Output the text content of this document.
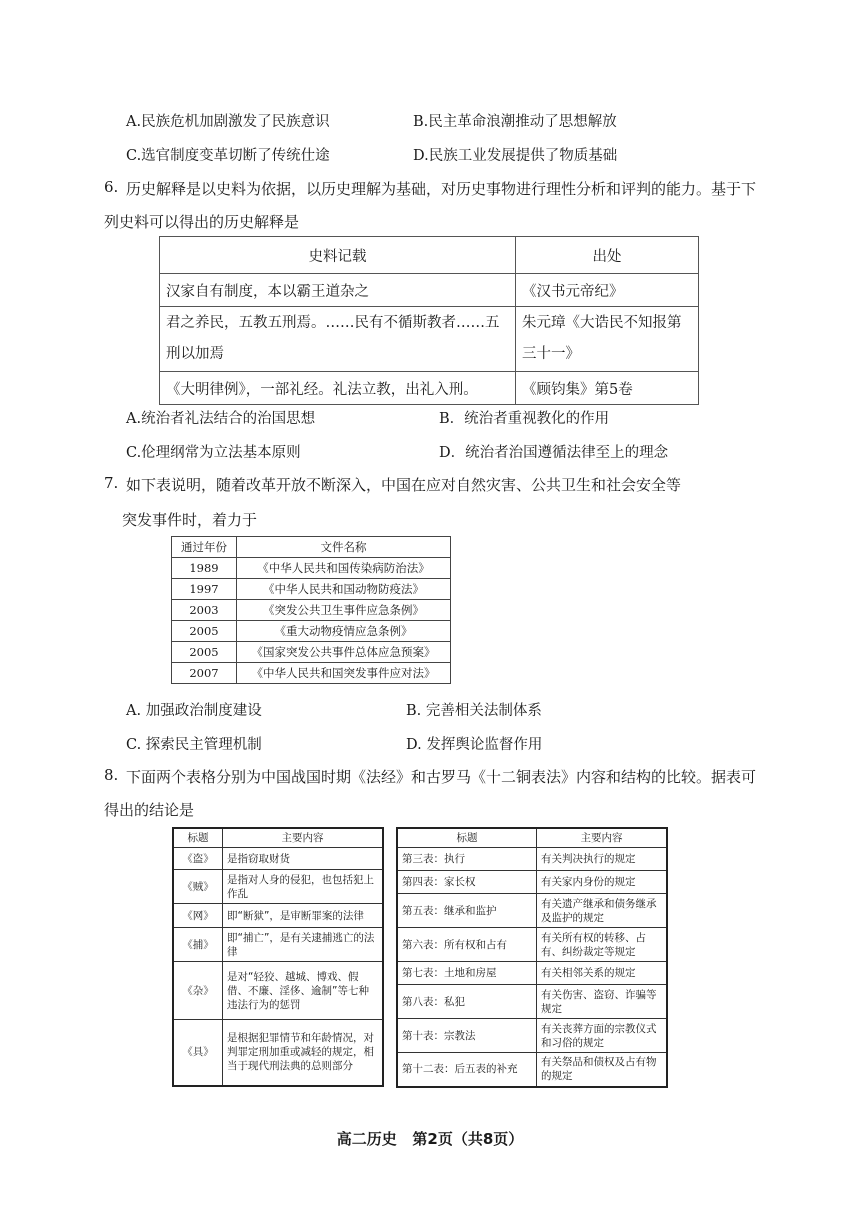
A.民族危机加剧激发了民族意识	B.民主革命浪潮推动了思想解放
C.选官制度变革切断了传统仕途	D.民族工业发展提供了物质基础
6. 历史解释是以史料为依据，以历史理解为基础，对历史事物进行理性分析和评判的能力。基于下
列史料可以得出的历史解释是
史料记载	出处
汉家自有制度，本以霸王道杂之	《汉书元帝纪》
君之养民，五教五刑焉。……民有不循斯教者……五刑以加焉	朱元璋《大诰民不知报第三十一》
《大明律例》，一部礼经。礼法立教，出礼入刑。	《顾钧集》第5卷
A.统治者礼法结合的治国思想	B．统治者重视教化的作用
C.伦理纲常为立法基本原则	D．统治者治国遵循法律至上的理念
7. 如下表说明，随着改革开放不断深入，中国在应对自然灾害、公共卫生和社会安全等
突发事件时，着力于
通过年份	文件名称
1989	《中华人民共和国传染病防治法》
1997	《中华人民共和国动物防疫法》
2003	《突发公共卫生事件应急条例》
2005	《重大动物疫情应急条例》
2005	《国家突发公共事件总体应急预案》
2007	《中华人民共和国突发事件应对法》
A. 加强政治制度建设	B. 完善相关法制体系
C. 探索民主管理机制	D. 发挥舆论监督作用
8. 下面两个表格分别为中国战国时期《法经》和古罗马《十二铜表法》内容和结构的比较。据表可
得出的结论是
标题	主要内容
《盗》	是指窃取财货
《贼》	是指对人身的侵犯，也包括犯上作乱
《网》	即“断狱”，是审断罪案的法律
《捕》	即“捕亡”，是有关逮捕逃亡的法律
《杂》	是对“轻狡、越城、博戏、假借、不廉、淫侈、逾制”等七种违法行为的惩罚
《具》	是根据犯罪情节和年龄情况，对判罪定刑加重或减轻的规定，相当于现代刑法典的总则部分
标题	主要内容
第三表：执行	有关判决执行的规定
第四表：家长权	有关家内身份的规定
第五表：继承和监护	有关遗产继承和债务继承及监护的规定
第六表：所有权和占有	有关所有权的转移、占有、纠纷裁定等规定
第七表：土地和房屋	有关相邻关系的规定
第八表：私犯	有关伤害、盗窃、诈骗等规定
第十表：宗教法	有关丧葬方面的宗教仪式和习俗的规定
第十二表：后五表的补充	有关祭品和债权及占有物的规定
高二历史   第2页（共8页）
